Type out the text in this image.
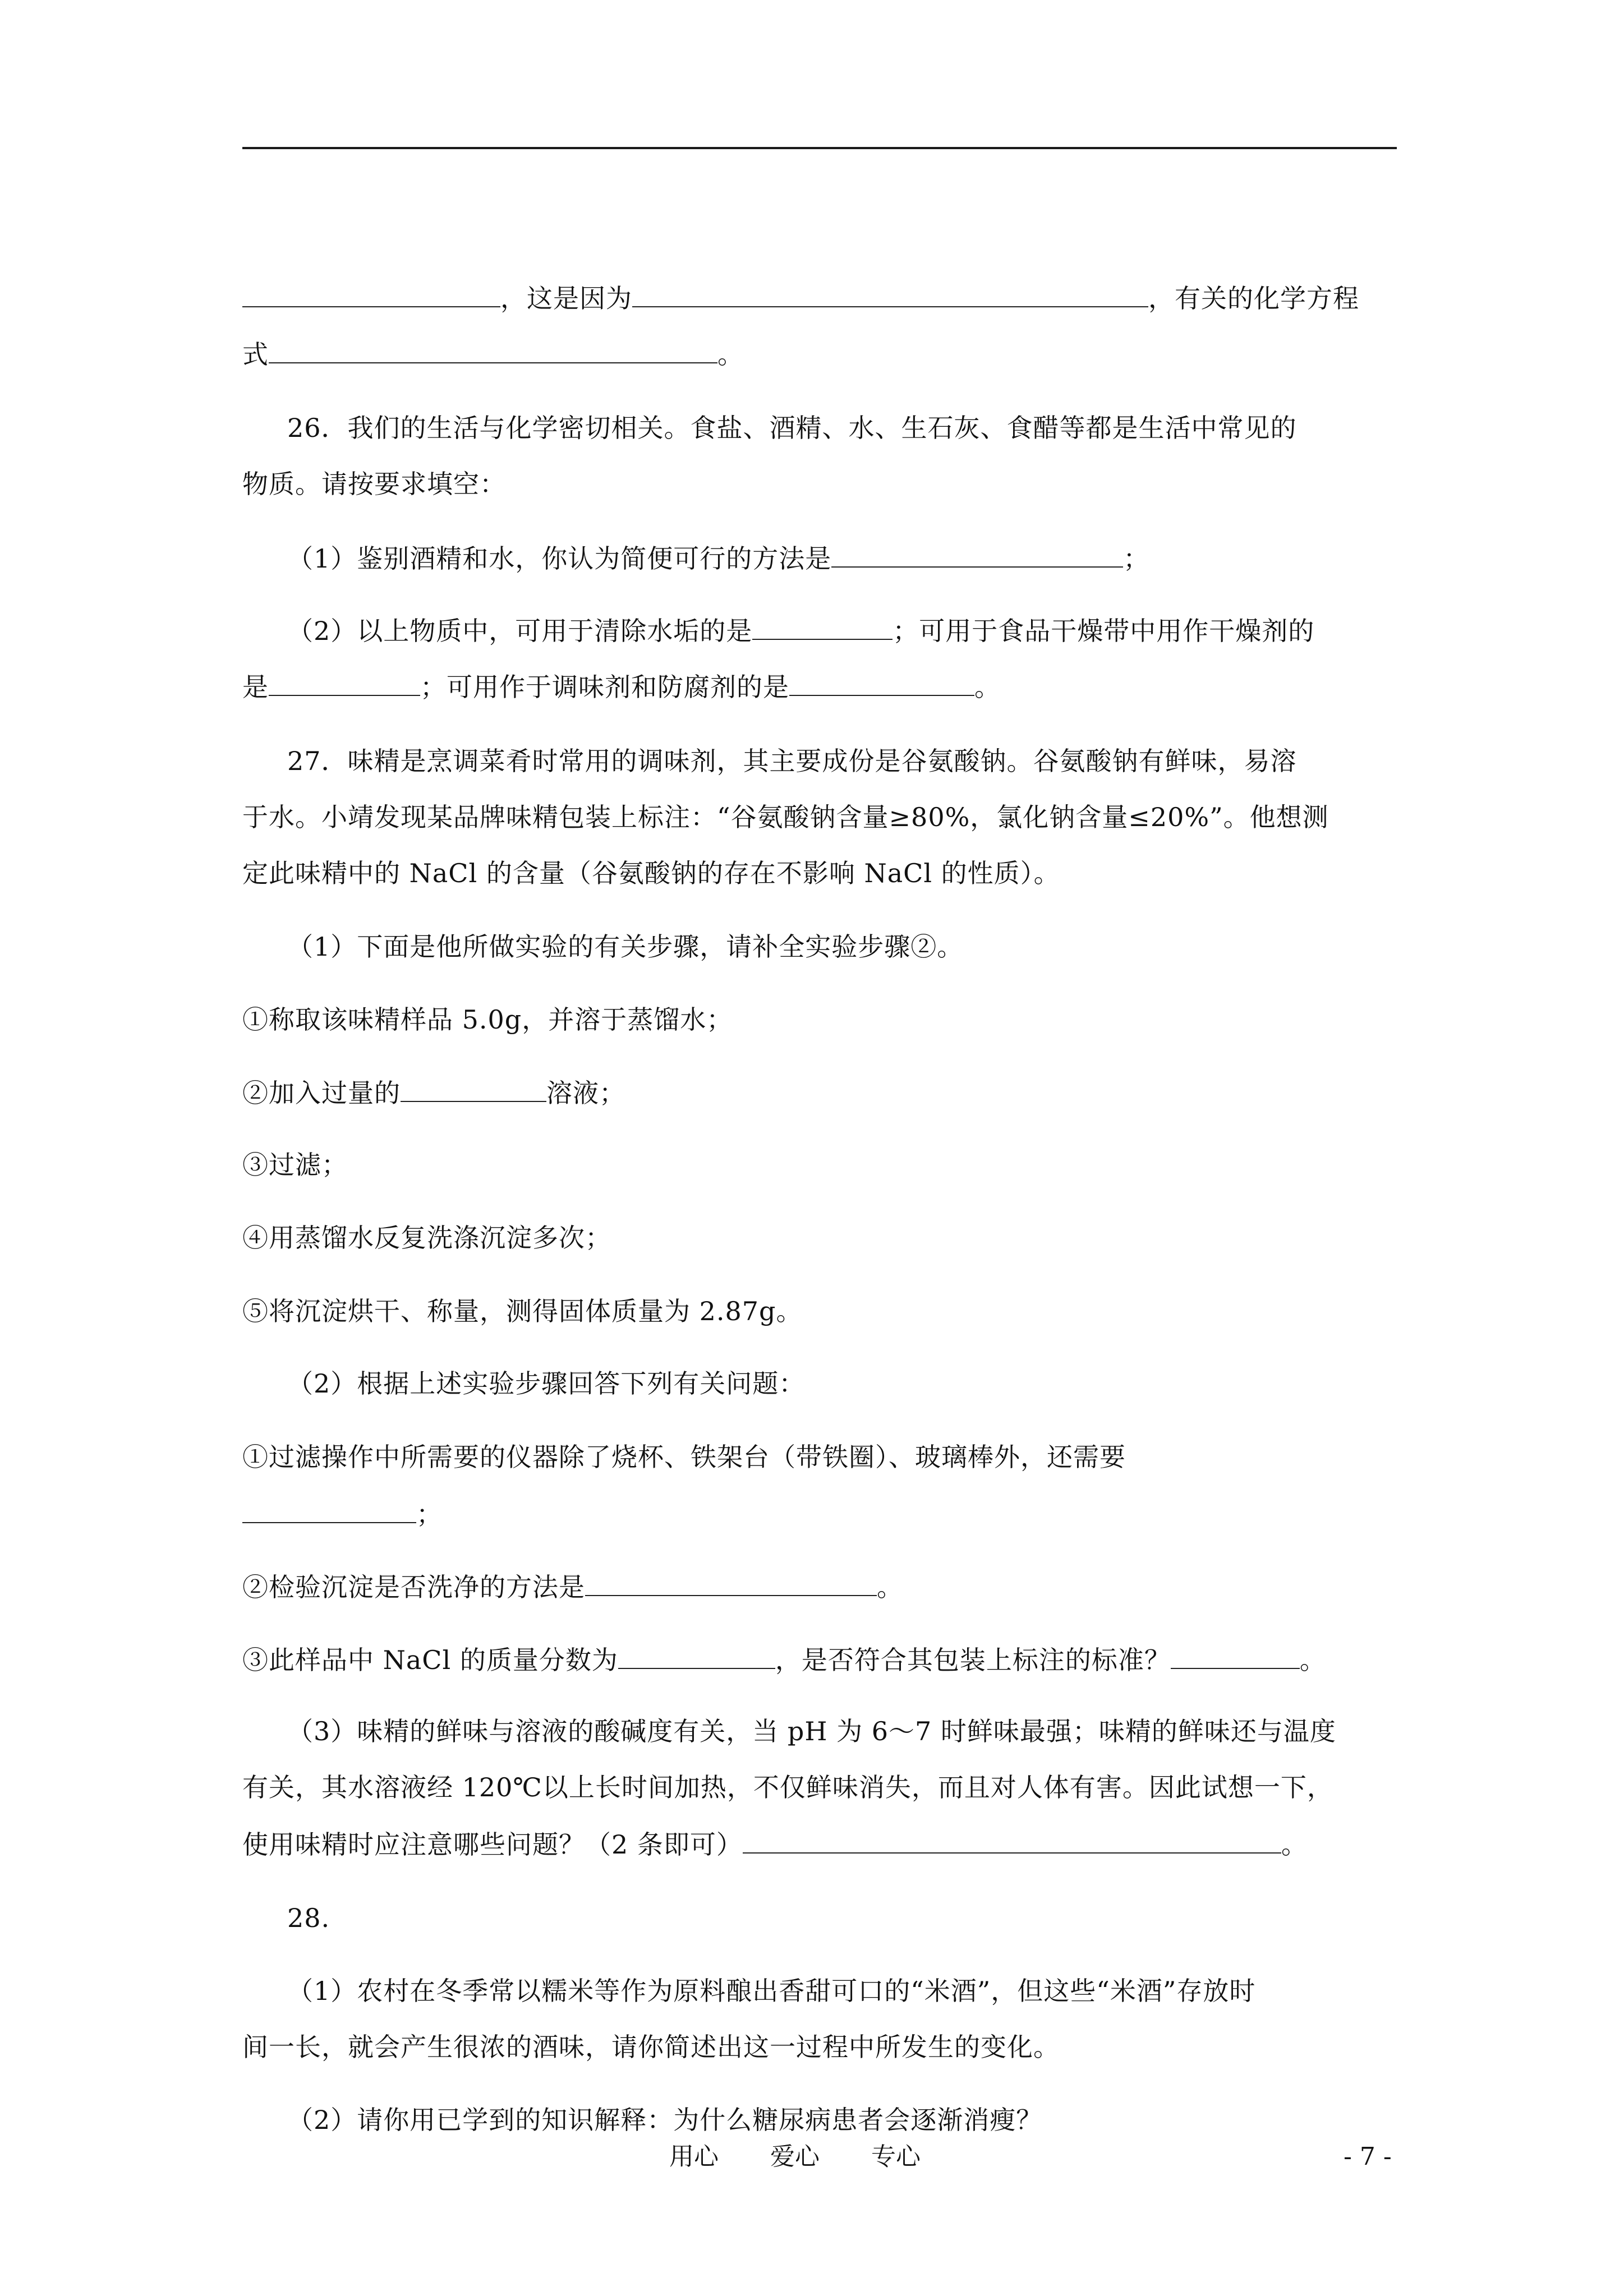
，这是因为	，有关的化学方程
式	。
26．我们的生活与化学密切相关。食盐、酒精、水、生石灰、食醋等都是生活中常见的
物质。请按要求填空：
（1）鉴别酒精和水，你认为简便可行的方法是	；
（2）以上物质中，可用于清除水垢的是	；可用于食品干燥带中用作干燥剂的
是	；可用作于调味剂和防腐剂的是	。
27．味精是烹调菜肴时常用的调味剂，其主要成份是谷氨酸钠。谷氨酸钠有鲜味，易溶
于水。小靖发现某品牌味精包装上标注：“谷氨酸钠含量≥80%，氯化钠含量≤20%”。他想测
定此味精中的 NaCl 的含量（谷氨酸钠的存在不影响 NaCl 的性质）。
（1）下面是他所做实验的有关步骤，请补全实验步骤②。
①称取该味精样品 5.0g，并溶于蒸馏水；
②加入过量的	溶液；
③过滤；
④用蒸馏水反复洗涤沉淀多次；
⑤将沉淀烘干、称量，测得固体质量为 2.87g。
（2）根据上述实验步骤回答下列有关问题：
①过滤操作中所需要的仪器除了烧杯、铁架台（带铁圈）、玻璃棒外，还需要
；
②检验沉淀是否洗净的方法是	。
③此样品中 NaCl 的质量分数为	，是否符合其包装上标注的标准？	。
（3）味精的鲜味与溶液的酸碱度有关，当 pH 为 6～7 时鲜味最强；味精的鲜味还与温度
有关，其水溶液经 120℃以上长时间加热，不仅鲜味消失，而且对人体有害。因此试想一下，
使用味精时应注意哪些问题？（2 条即可）	。
28.
（1）农村在冬季常以糯米等作为原料酿出香甜可口的“米酒”，但这些“米酒”存放时
间一长，就会产生很浓的酒味，请你简述出这一过程中所发生的变化。
（2）请你用已学到的知识解释：为什么糖尿病患者会逐渐消瘦？
用心 爱心 专心	- 7 -
